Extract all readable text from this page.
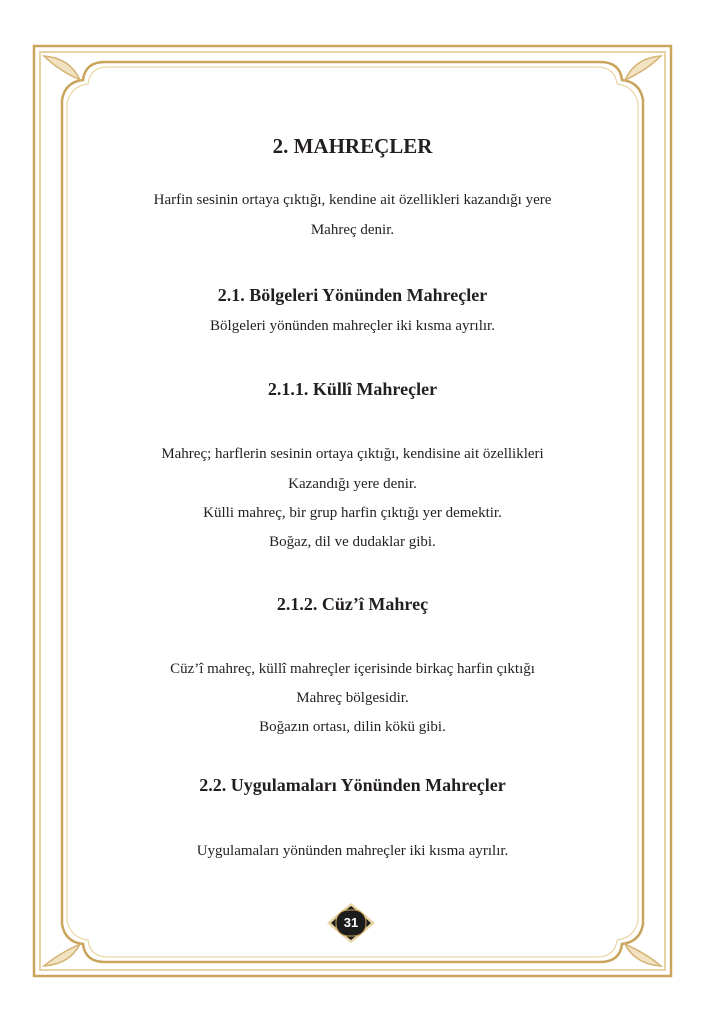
2. MAHREÇLER
Harfin sesinin ortaya çıktığı, kendine ait özellikleri kazandığı yere
Mahreç denir.
2.1. Bölgeleri Yönünden Mahreçler
Bölgeleri yönünden mahreçler iki kısma ayrılır.
2.1.1. Küllî Mahreçler
Mahreç; harflerin sesinin ortaya çıktığı, kendisine ait özellikleri
Kazandığı yere denir.
Külli mahreç, bir grup harfin çıktığı yer demektir.
Boğaz, dil ve dudaklar gibi.
2.1.2. Cüz’î Mahreç
Cüz’î mahreç, küllî mahreçler içerisinde birkaç harfin çıktığı
Mahreç bölgesidir.
Boğazın ortası, dilin kökü gibi.
2.2. Uygulamaları Yönünden Mahreçler
Uygulamaları yönünden mahreçler iki kısma ayrılır.
31
